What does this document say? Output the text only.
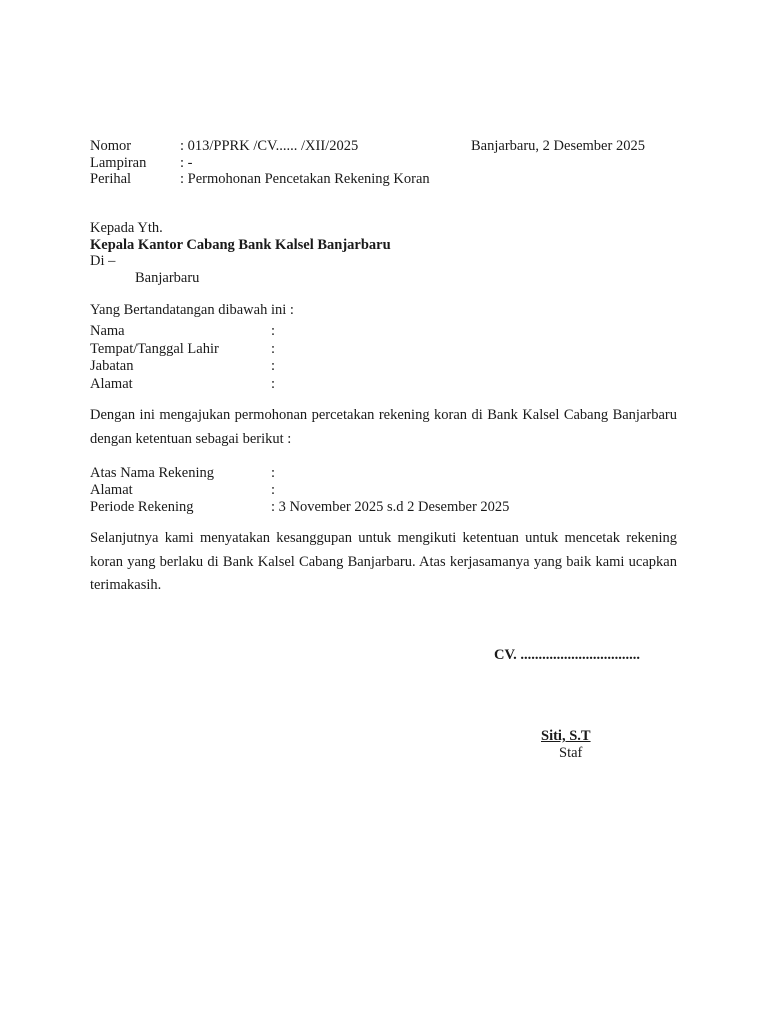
Nomor	: 013/PPRK /CV...... /XII/2025	Banjarbaru, 2 Desember 2025
Lampiran : -
Perihal	: Permohonan Pencetakan Rekening Koran
Kepada Yth.
Kepala Kantor Cabang Bank Kalsel Banjarbaru
Di –
Banjarbaru
Yang Bertandatangan dibawah ini :
Nama	:
Tempat/Tanggal Lahir	:
Jabatan	:
Alamat	:
Dengan ini mengajukan permohonan percetakan rekening koran di Bank Kalsel Cabang Banjarbaru dengan ketentuan sebagai berikut :
Atas Nama Rekening	:
Alamat	:
Periode Rekening	: 3 November 2025 s.d 2 Desember 2025
Selanjutnya kami menyatakan kesanggupan untuk mengikuti ketentuan untuk mencetak rekening koran yang berlaku di Bank Kalsel Cabang Banjarbaru. Atas kerjasamanya yang baik kami ucapkan terimakasih.
CV. .................................
Siti, S.T
Staf
